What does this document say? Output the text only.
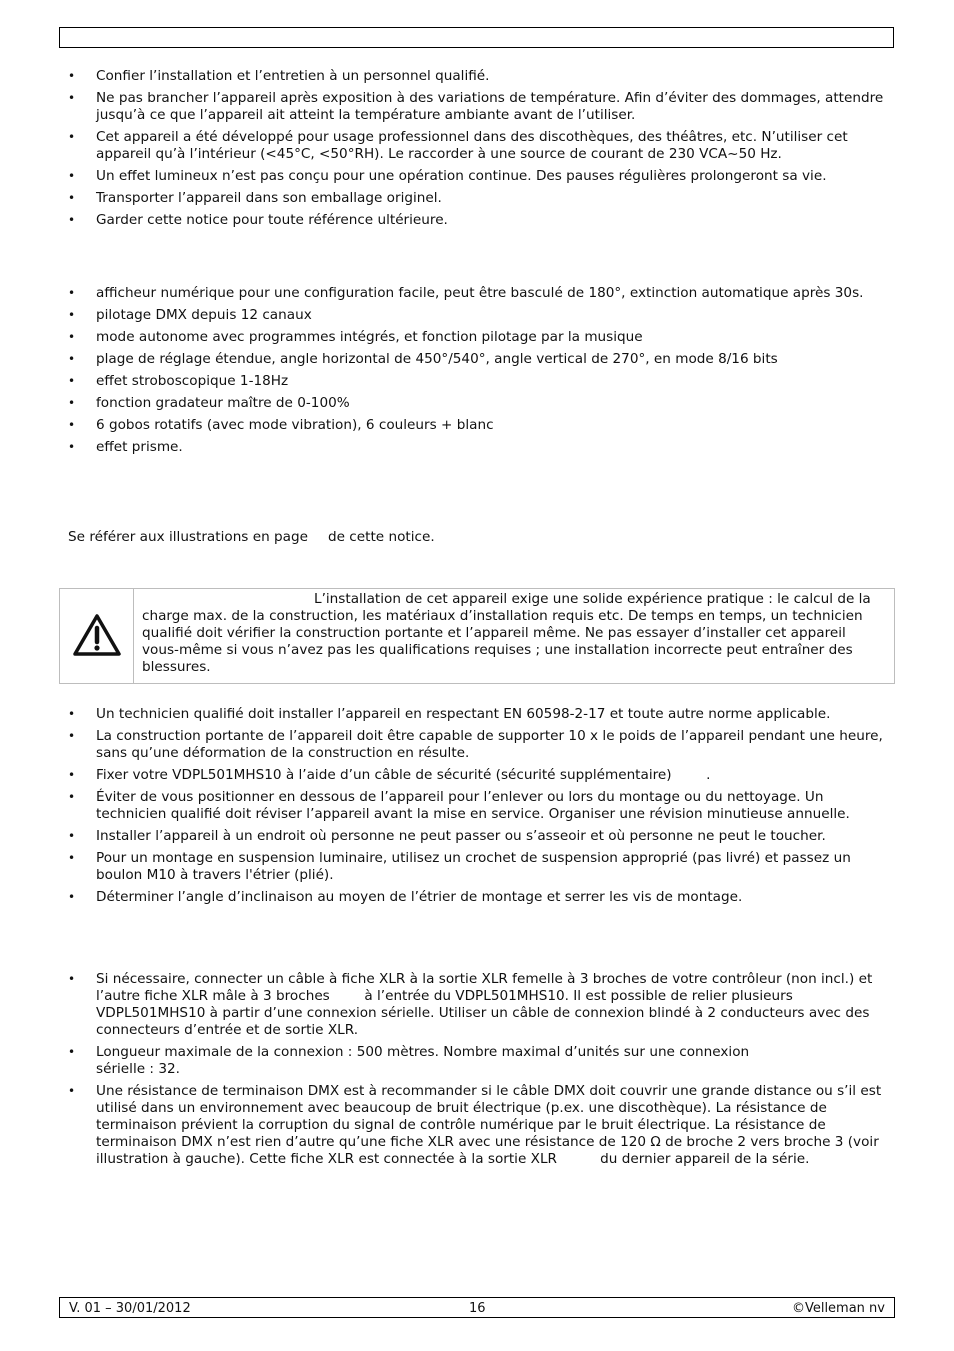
• Confier l’installation et l’entretien à un personnel qualifié.
• Ne pas brancher l’appareil après exposition à des variations de température. Afin d’éviter des dommages, attendre jusqu’à ce que l’appareil ait atteint la température ambiante avant de l’utiliser.
• Cet appareil a été développé pour usage professionnel dans des discothèques, des théâtres, etc. N’utiliser cet appareil qu’à l’intérieur (<45°C, <50°RH). Le raccorder à une source de courant de 230 VCA~50 Hz.
• Un effet lumineux n’est pas conçu pour une opération continue. Des pauses régulières prolongeront sa vie.
• Transporter l’appareil dans son emballage originel.
• Garder cette notice pour toute référence ultérieure.
• afficheur numérique pour une configuration facile, peut être basculé de 180°, extinction automatique après 30s.
• pilotage DMX depuis 12 canaux
• mode autonome avec programmes intégrés, et fonction pilotage par la musique
• plage de réglage étendue, angle horizontal de 450°/540°, angle vertical de 270°, en mode 8/16 bits
• effet stroboscopique 1-18Hz
• fonction gradateur maître de 0-100%
• 6 gobos rotatifs (avec mode vibration), 6 couleurs + blanc
• effet prisme.

Se référer aux illustrations en page de cette notice.

L’installation de cet appareil exige une solide expérience pratique : le calcul de la charge max. de la construction, les matériaux d’installation requis etc. De temps en temps, un technicien qualifié doit vérifier la construction portante et l’appareil même. Ne pas essayer d’installer cet appareil vous-même si vous n’avez pas les qualifications requises ; une installation incorrecte peut entraîner des blessures.

• Un technicien qualifié doit installer l’appareil en respectant EN 60598-2-17 et toute autre norme applicable.
• La construction portante de l’appareil doit être capable de supporter 10 x le poids de l’appareil pendant une heure, sans qu’une déformation de la construction en résulte.
• Fixer votre VDPL501MHS10 à l’aide d’un câble de sécurité (sécurité supplémentaire)        .
• Éviter de vous positionner en dessous de l’appareil pour l’enlever ou lors du montage ou du nettoyage. Un technicien qualifié doit réviser l’appareil avant la mise en service. Organiser une révision minutieuse annuelle.
• Installer l’appareil à un endroit où personne ne peut passer ou s’asseoir et où personne ne peut le toucher.
• Pour un montage en suspension luminaire, utilisez un crochet de suspension approprié (pas livré) et passez un boulon M10 à travers l'étrier (plié).
• Déterminer l’angle d’inclinaison au moyen de l’étrier de montage et serrer les vis de montage.
• Si nécessaire, connecter un câble à fiche XLR à la sortie XLR femelle à 3 broches de votre contrôleur (non incl.) et l’autre fiche XLR mâle à 3 broches        à l’entrée du VDPL501MHS10. Il est possible de relier plusieurs VDPL501MHS10 à partir d’une connexion sérielle. Utiliser un câble de connexion blindé à 2 conducteurs avec des connecteurs d’entrée et de sortie XLR.
• Longueur maximale de la connexion : 500 mètres. Nombre maximal d’unités sur une connexion sérielle : 32.
• Une résistance de terminaison DMX est à recommander si le câble DMX doit couvrir une grande distance ou s’il est utilisé dans un environnement avec beaucoup de bruit électrique (p.ex. une discothèque). La résistance de terminaison prévient la corruption du signal de contrôle numérique par le bruit électrique. La résistance de terminaison DMX n’est rien d’autre qu’une fiche XLR avec une résistance de 120 Ω de broche 2 vers broche 3 (voir illustration à gauche). Cette fiche XLR est connectée à la sortie XLR          du dernier appareil de la série.
V. 01 – 30/01/2012	16	©Velleman nv
